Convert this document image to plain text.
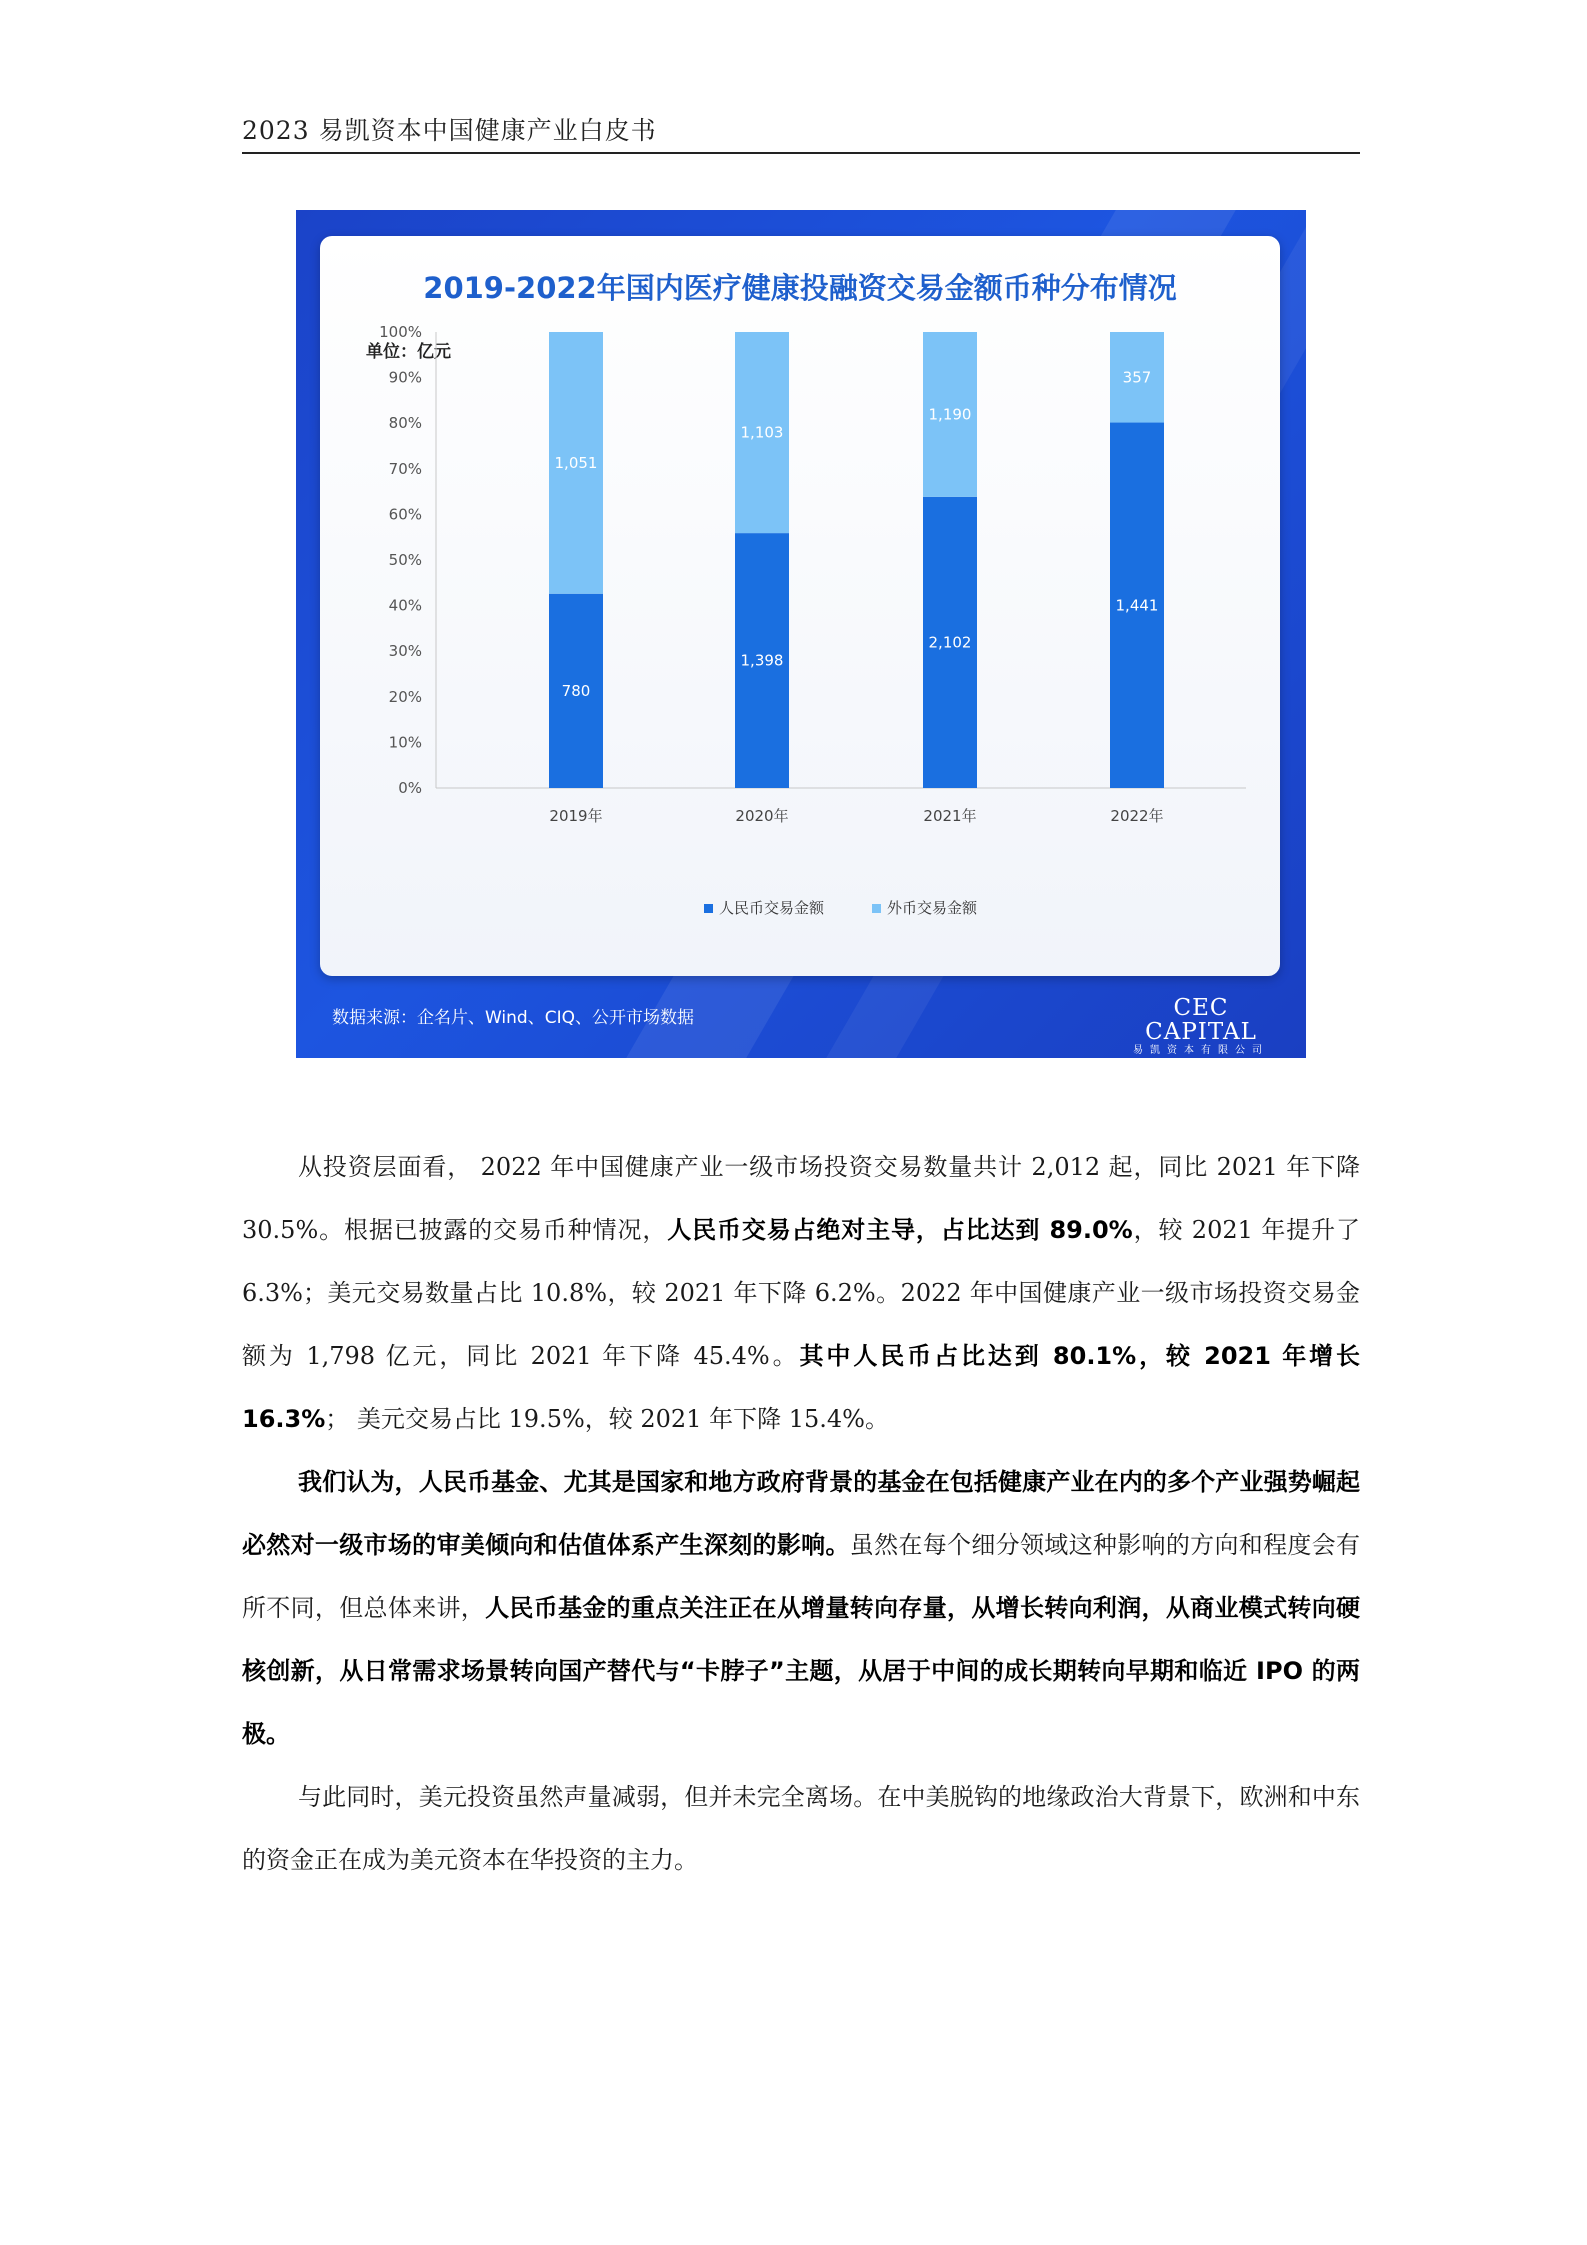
2023 易凯资本中国健康产业白皮书
2019-2022年国内医疗健康投融资交易金额币种分布情况
单位：亿元
0%
10%
20%
30%
40%
50%
60%
70%
80%
90%
100%
780
1,051
2019年
1,398
1,103
2020年
2,102
1,190
2021年
1,441
357
2022年
人民币交易金额	外币交易金额
数据来源：企名片、Wind、CIQ、公开市场数据	CEC CAPITAL
易凯资本有限公司

从投资层面看， 2022 年中国健康产业一级市场投资交易数量共计 2,012 起，同比 2021 年下降 30.5%。根据已披露的交易币种情况，人民币交易占绝对主导，占比达到 89.0%，较 2021 年提升了 6.3%；美元交易数量占比 10.8%，较 2021 年下降 6.2%。2022 年中国健康产业一级市场投资交易金额为 1,798 亿元，同比 2021 年下降 45.4%。其中人民币占比达到 80.1%，较 2021 年增长 16.3%； 美元交易占比 19.5%，较 2021 年下降 15.4%。

我们认为，人民币基金、尤其是国家和地方政府背景的基金在包括健康产业在内的多个产业强势崛起必然对一级市场的审美倾向和估值体系产生深刻的影响。虽然在每个细分领域这种影响的方向和程度会有所不同，但总体来讲，人民币基金的重点关注正在从增量转向存量，从增长转向利润，从商业模式转向硬核创新，从日常需求场景转向国产替代与“卡脖子”主题，从居于中间的成长期转向早期和临近 IPO 的两极。

与此同时，美元投资虽然声量减弱，但并未完全离场。在中美脱钩的地缘政治大背景下，欧洲和中东的资金正在成为美元资本在华投资的主力。
